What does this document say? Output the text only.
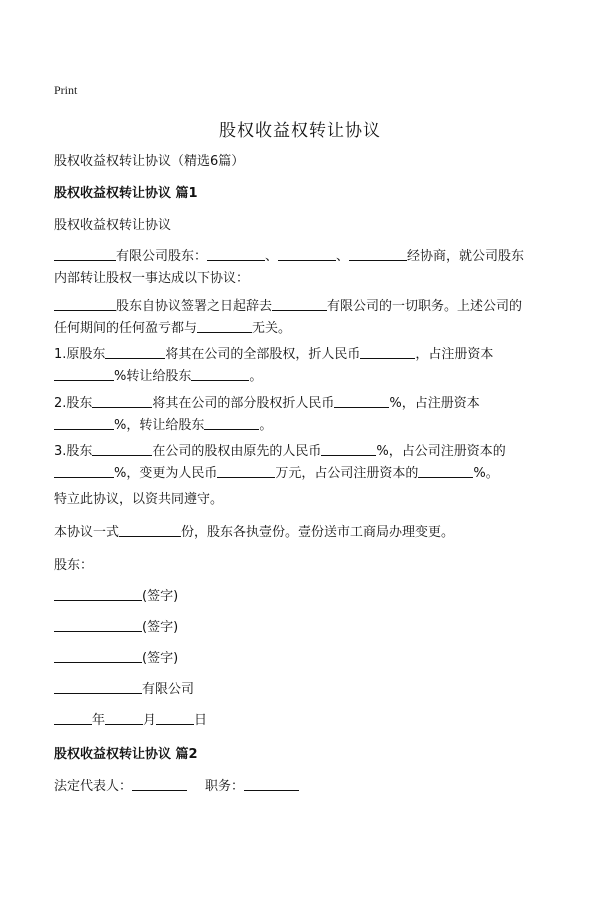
Print
股权收益权转让协议
股权收益权转让协议（精选6篇）
股权收益权转让协议 篇1
股权收益权转让协议
有限公司股东：	、	、	经协商，就公司股东
内部转让股权一事达成以下协议：
股东自协议签署之日起辞去	有限公司的一切职务。上述公司的
任何期间的任何盈亏都与	无关。
1.原股东	将其在公司的全部股权，折人民币	，占注册资本
%转让给股东	。
2.股东	将其在公司的部分股权折人民币	%，占注册资本
%，转让给股东	。
3.股东	在公司的股权由原先的人民币	%，占公司注册资本的
%，变更为人民币	万元，占公司注册资本的	%。
特立此协议，以资共同遵守。
本协议一式	份，股东各执壹份。壹份送市工商局办理变更。
股东：
(签字)
(签字)
(签字)
有限公司
年	月	日
股权收益权转让协议 篇2
法定代表人：	职务：
